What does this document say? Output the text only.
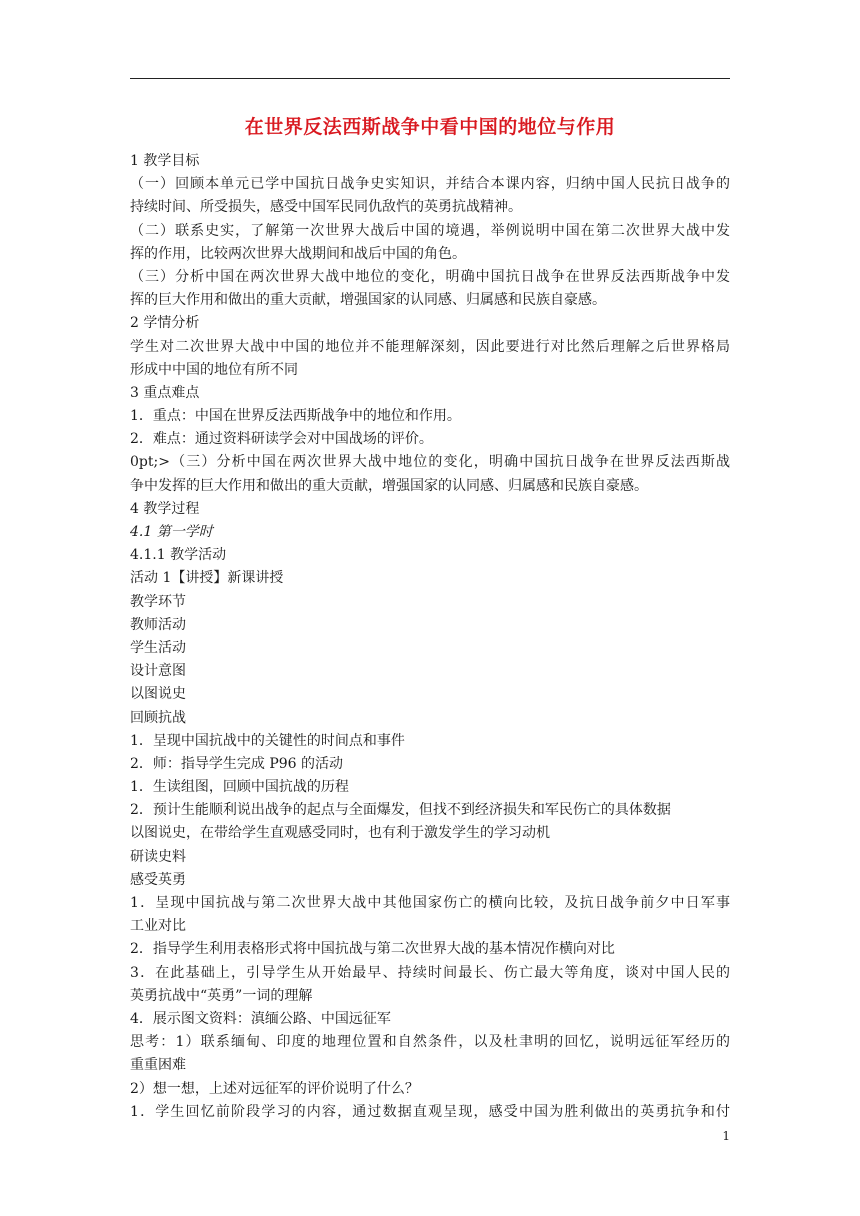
在世界反法西斯战争中看中国的地位与作用
1 教学目标
（一）回顾本单元已学中国抗日战争史实知识，并结合本课内容，归纳中国人民抗日战争的
持续时间、所受损失，感受中国军民同仇敌忾的英勇抗战精神。
（二）联系史实，了解第一次世界大战后中国的境遇，举例说明中国在第二次世界大战中发
挥的作用，比较两次世界大战期间和战后中国的角色。
（三）分析中国在两次世界大战中地位的变化，明确中国抗日战争在世界反法西斯战争中发
挥的巨大作用和做出的重大贡献，增强国家的认同感、归属感和民族自豪感。
2 学情分析
学生对二次世界大战中中国的地位并不能理解深刻，因此要进行对比然后理解之后世界格局
形成中中国的地位有所不同
3 重点难点
1．重点：中国在世界反法西斯战争中的地位和作用。
2．难点：通过资料研读学会对中国战场的评价。
0pt;>（三）分析中国在两次世界大战中地位的变化，明确中国抗日战争在世界反法西斯战
争中发挥的巨大作用和做出的重大贡献，增强国家的认同感、归属感和民族自豪感。
4 教学过程
4.1 第一学时
4.1.1 教学活动
活动 1【讲授】新课讲授
教学环节
教师活动
学生活动
设计意图
以图说史
回顾抗战
1．呈现中国抗战中的关键性的时间点和事件
2．师：指导学生完成 P96 的活动
1．生读组图，回顾中国抗战的历程
2．预计生能顺利说出战争的起点与全面爆发，但找不到经济损失和军民伤亡的具体数据
以图说史，在带给学生直观感受同时，也有利于激发学生的学习动机
研读史料
感受英勇
1．呈现中国抗战与第二次世界大战中其他国家伤亡的横向比较，及抗日战争前夕中日军事
工业对比
2．指导学生利用表格形式将中国抗战与第二次世界大战的基本情况作横向对比
3．在此基础上，引导学生从开始最早、持续时间最长、伤亡最大等角度，谈对中国人民的
英勇抗战中“英勇”一词的理解
4．展示图文资料：滇缅公路、中国远征军
思考：1）联系缅甸、印度的地理位置和自然条件，以及杜聿明的回忆，说明远征军经历的
重重困难
2）想一想，上述对远征军的评价说明了什么？
1．学生回忆前阶段学习的内容，通过数据直观呈现，感受中国为胜利做出的英勇抗争和付
1
